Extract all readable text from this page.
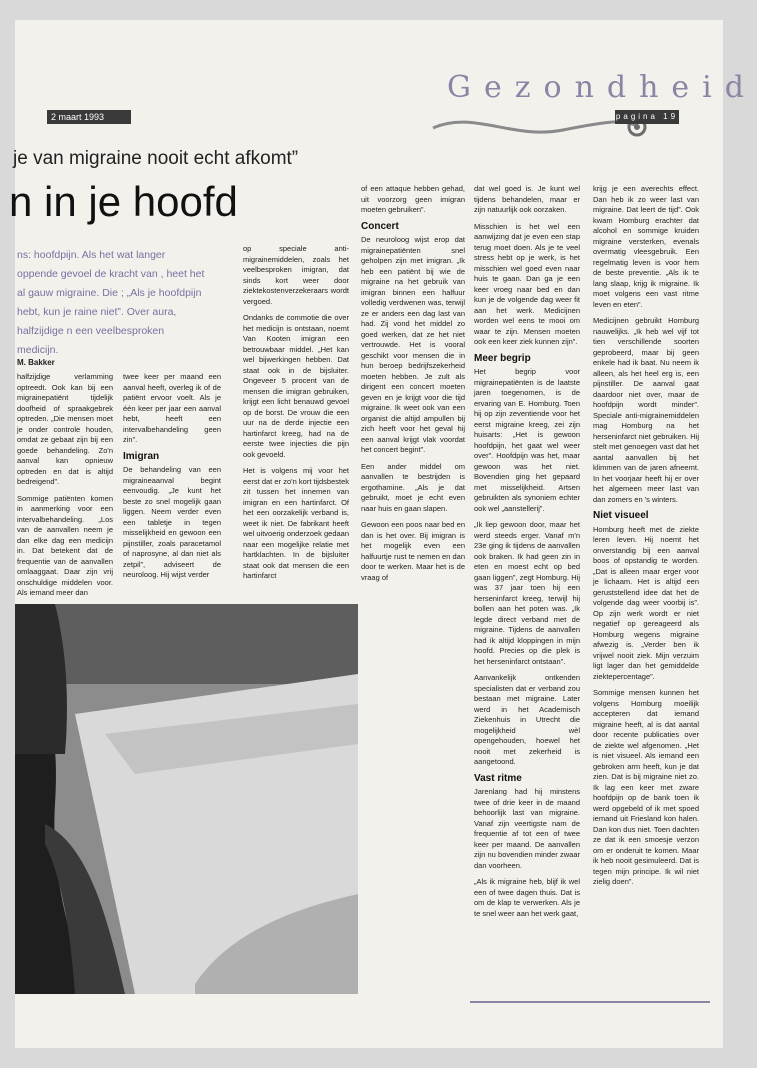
Gezondheid
2 maart 1993	pagina 19
je van migraine nooit echt afkomt”
n in je hoofd
ns: hoofdpijn. Als het wat langer oppende gevoel de kracht van , heet het al gauw migraine. Die ; „Als je hoofdpijn hebt, kun je raine niet”. Over aura, halfzijdige n een veelbesproken medicijn.
M. Bakker

halfzijdige verlamming optreedt. Ook kan bij een migrainepatiënt tijdelijk doofheid of spraakgebrek optreden. „Die mensen moet je onder controle houden, omdat ze gebaat zijn bij een goede behandeling. Zo'n aanval kan opnieuw optreden en dat is altijd bedreigend”.

Sommige patiënten komen in aanmerking voor een intervalbehandeling. „Los van de aanvallen neem je dan elke dag een medicijn in. Dat betekent dat de frequentie van de aanvallen omlaaggaat. Daar zijn vrij onschuldige middelen voor. Als iemand meer dan

twee keer per maand een aanval heeft, overleg ik of de patiënt ervoor voelt. Als je één keer per jaar een aanval hebt, heeft een intervalbehandeling geen zin”.

Imigran

De behandeling van een migraineaanval begint eenvoudig. „Je kunt het beste zo snel mogelijk gaan liggen. Neem verder even een tabletje in tegen misselijkheid en gewoon een pijnstiller, zoals paracetamol of naprosyne, al dan niet als zetpil”, adviseert de neuroloog. Hij wijst verder

op speciale anti-migrainemiddelen, zoals het veelbesproken imigran, dat sinds kort weer door ziektekostenverzekeraars wordt vergoed.

Ondanks de commotie die over het medicijn is ontstaan, noemt Van Kooten imigran een betrouwbaar middel. „Het kan wel bijwerkingen hebben. Dat staat ook in de bijsluiter. Ongeveer 5 procent van de mensen die imigran gebruiken, krijgt een licht benauwd gevoel op de borst. De vrouw die een uur na de derde injectie een hartinfarct kreeg, had na de eerste twee injecties die pijn ook gevoeld.

Het is volgens mij voor het eerst dat er zo'n kort tijdsbestek zit tussen het innemen van imigran en een hartinfarct. Of het een oorzakelijk verband is, weet ik niet. De fabrikant heeft wel uitvoerig onderzoek gedaan naar een mogelijke relatie met hartklachten. In de bijsluiter staat ook dat mensen die een hartinfarct

of een attaque hebben gehad, uit voorzorg geen imigran moeten gebruiken”.

Concert

De neuroloog wijst erop dat migrainepatiënten snel geholpen zijn met imigran. „Ik heb een patiënt bij wie de migraine na het gebruik van imigran binnen een halfuur volledig verdwenen was, terwijl ze er anders een dag last van had. Zij vond het middel zo goed werken, dat ze het niet vertrouwde. Het is vooral geschikt voor mensen die in hun beroep bedrijfszekerheid moeten hebben. Je zult als dirigent een concert moeten geven en je krijgt voor die tijd migraine. Ik weet ook van een organist die altijd ampullen bij zich heeft voor het geval hij een aanval krijgt vlak voordat het concert begint”.

Een ander middel om aanvallen te bestrijden is ergothamine. „Als je dat gebruikt, moet je echt even naar huis en gaan slapen.

Gewoon een poos naar bed en dan is het over. Bij imigran is het mogelijk even een halfuurtje rust te nemen en dan door te werken. Maar het is de vraag of

dat wel goed is. Je kunt wel tijdens behandelen, maar er zijn natuurlijk ook oorzaken.

Misschien is het wel een aanwijzing dat je even een stap terug moet doen. Als je te veel stress hebt op je werk, is het misschien wel goed even naar huis te gaan. Dan ga je een keer vroeg naar bed en dan kun je de volgende dag weer fit aan het werk. Medicijnen worden wel eens te mooi om waar te zijn. Mensen moeten ook een keer ziek kunnen zijn”.

Meer begrip

Het begrip voor migrainepatiënten is de laatste jaren toegenomen, is de ervaring van E. Homburg. Toen hij op zijn zeventiende voor het eerst migraine kreeg, zei zijn huisarts: „Het is gewoon hoofdpijn, het gaat wel weer over”. Hoofdpijn was het, maar gewoon was het niet. Bovendien ging het gepaard met misselijkheid. Artsen gebruikten als synoniem echter ook wel „aanstellerij”.

„Ik liep gewoon door, maar het werd steeds erger. Vanaf m'n 23e ging ik tijdens de aanvallen ook braken. Ik had geen zin in eten en moest echt op bed gaan liggen”, zegt Homburg. Hij was 37 jaar toen hij een herseninfarct kreeg, terwijl hij bollen aan het poten was. „Ik legde direct verband met de migraine. Tijdens de aanvallen had ik altijd kloppingen in mijn hoofd. Precies op die plek is het herseninfarct ontstaan”.

Aanvankelijk ontkenden specialisten dat er verband zou bestaan met migraine. Later werd in het Academisch Ziekenhuis in Utrecht die mogelijkheid wèl opengehouden, hoewel het nooit met zekerheid is aangetoond.

Vast ritme

Jarenlang had hij minstens twee of drie keer in de maand behoorlijk last van migraine. Vanaf zijn veertigste nam de frequentie af tot een of twee keer per maand. De aanvallen zijn nu bovendien minder zwaar dan voorheen.

„Als ik migraine heb, blijf ik wel een of twee dagen thuis. Dat is om de klap te verwerken. Als je te snel weer aan het werk gaat,

krijg je een averechts effect. Dan heb ik zo weer last van migraine. Dat leert de tijd”. Ook kwam Homburg erachter dat alcohol en sommige kruiden migraine versterken, evenals overmatig vleesgebruik. Een regelmatig leven is voor hem de beste preventie. „Als ik te lang slaap, krijg ik migraine. Ik moet volgens een vast ritme leven en eten”.

Medicijnen gebruikt Homburg nauwelijks. „Ik heb wel vijf tot tien verschillende soorten geprobeerd, maar bij geen enkele had ik baat. Nu neem ik alleen, als het heel erg is, een pijnstiller. De aanval gaat daardoor niet over, maar de hoofdpijn wordt minder”. Speciale anti-migrainemiddelen mag Homburg na het herseninfarct niet gebruiken. Hij stelt met genoegen vast dat het aantal aanvallen bij het klimmen van de jaren afneemt. In het voorjaar heeft hij er over het algemeen meer last van dan zomers en 's winters.

Niet visueel

Homburg heeft met de ziekte leren leven. Hij noemt het onverstandig bij een aanval boos of opstandig te worden. „Dat is alleen maar erger voor je lichaam. Het is altijd een geruststellend idee dat het de volgende dag weer voorbij is”. Op zijn werk wordt er niet negatief op gereageerd als Homburg wegens migraine afwezig is. „Verder ben ik vrijwel nooit ziek. Mijn verzuim ligt lager dan het gemiddelde ziektepercentage”.

Sommige mensen kunnen het volgens Homburg moeilijk accepteren dat iemand migraine heeft, al is dat aantal door recente publicaties over de ziekte wel afgenomen. „Het is niet visueel. Als iemand een gebroken arm heeft, kun je dat zien. Dat is bij migraine niet zo. Ik lag een keer met zware hoofdpijn op de bank toen ik werd opgebeld of ik met spoed iemand uit Friesland kon halen. Dan kon dus niet. Toen dachten ze dat ik een smoesje verzon om er onderuit te komen. Maar ik heb nooit gesimuleerd. Dat is tegen mijn principe. Ik wil niet zielig doen”.
